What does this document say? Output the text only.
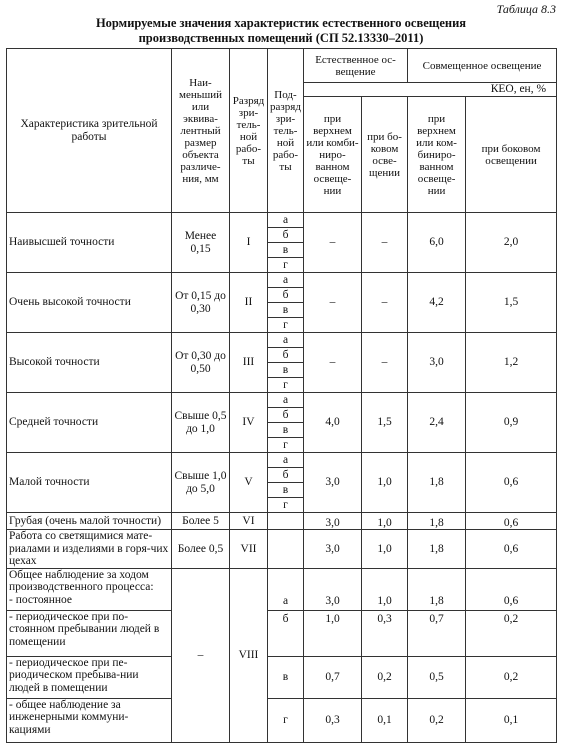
Таблица 8.3
Нормируемые значения характеристик естественного освещения
производственных помещений (СП 52.13330–2011)
Характеристика зрительной работы	Наи-меньший или эквива-лентный размер объекта различе-ния, мм	Разряд зри-тель-ной рабо-ты	Под-разряд зри-тель-ной рабо-ты	Естественное ос-вещение		Совмещенное освещение	
				КЕО, eн, %			
				при верхнем или комби-ниро-ванном освеще-нии	при бо-ковом осве-щении	при верхнем или ком-биниро-ванном освеще-нии	при боковом освещении
Наивысшей точности	Менее 0,15	I	а	–	–	6,0	2,0
			б				
			в				
			г				
Очень высокой точности	От 0,15 до 0,30	II	а	–	–	4,2	1,5
			б				
			в				
			г				
Высокой точности	От 0,30 до 0,50	III	а	–	–	3,0	1,2
			б				
			в				
			г				
Средней точности	Свыше 0,5 до 1,0	IV	а	4,0	1,5	2,4	0,9
			б				
			в				
			г				
Малой точности	Свыше 1,0 до 5,0	V	а	3,0	1,0	1,8	0,6
			б				
			в				
			г				
Грубая (очень малой точности)	Более 5	VI		3,0	1,0	1,8	0,6
Работа со светящимися мате-риалами и изделиями в горя-чих цехах	Более 0,5	VII		3,0	1,0	1,8	0,6

Общее наблюдение за ходом производственного процесса:
- постоянное	–	VIII	а	3,0	1,0	1,8	0,6

- периодическое при по-стоянном пребывании людей в помещении			б	1,0	0,3	0,7	0,2

- периодическое при пе-риодическом пребыва-нии людей в помещении			в	0,7	0,2	0,5	0,2

- общее наблюдение за инженерными коммуни-кациями			г	0,3	0,1	0,2	0,1
